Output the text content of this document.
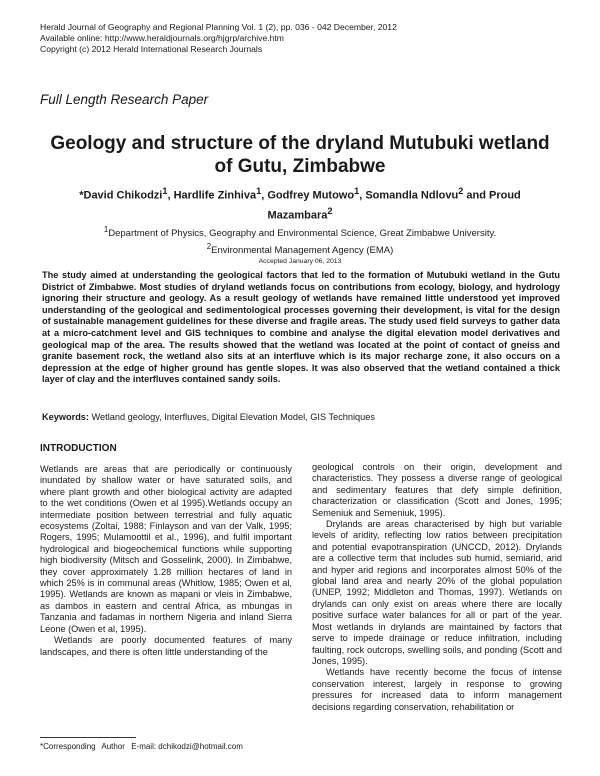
Herald Journal of Geography and Regional Planning Vol. 1 (2), pp. 036 - 042 December, 2012
Available online: http://www.heraldjournals.org/hjgrp/archive.htm
Copyright (c) 2012 Herald International Research Journals
Full Length Research Paper
Geology and structure of the dryland Mutubuki wetland
of Gutu, Zimbabwe
*David Chikodzi$^1$, Hardlife Zinhiva$^1$, Godfrey Mutowo$^1$, Somandla Ndlovu$^2$ and Proud
Mazambara$^2$
$^1$Department of Physics, Geography and Environmental Science, Great Zimbabwe University.
$^2$Environmental Management Agency (EMA)
Accepted January 06, 2013
The study aimed at understanding the geological factors that led to the formation of Mutubuki wetland in the Gutu District of Zimbabwe. Most studies of dryland wetlands focus on contributions from ecology, biology, and hydrology ignoring their structure and geology. As a result geology of wetlands have remained little understood yet improved understanding of the geological and sedimentological processes governing their development, is vital for the design of sustainable management guidelines for these diverse and fragile areas. The study used field surveys to gather data at a micro-catchment level and GIS techniques to combine and analyse the digital elevation model derivatives and geological map of the area. The results showed that the wetland was located at the point of contact of gneiss and granite basement rock, the wetland also sits at an interfluve which is its major recharge zone, it also occurs on a depression at the edge of higher ground has gentle slopes. It was also observed that the wetland contained a thick layer of clay and the interfluves contained sandy soils.
Keywords: Wetland geology, Interfluves, Digital Elevation Model, GIS Techniques
INTRODUCTION

Wetlands are areas that are periodically or continuously inundated by shallow water or have saturated soils, and where plant growth and other biological activity are adapted to the wet conditions (Owen et al 1995).Wetlands occupy an intermediate position between terrestrial and fully aquatic ecosystems (Zoltai, 1988; Finlayson and van der Valk, 1995; Rogers, 1995; Mulamoottil et al., 1996), and fulfil important hydrological and biogeochemical functions while supporting high biodiversity (Mitsch and Gosselink, 2000). In Zimbabwe, they cover approximately 1.28 million hectares of land in which 25% is in communal areas (Whitlow, 1985; Owen et al, 1995). Wetlands are known as mapani or vleis in Zimbabwe, as dambos in eastern and central Africa, as mbungas in Tanzania and fadamas in northern Nigeria and inland Sierra Leone (Owen et al, 1995).

Wetlands are poorly documented features of many landscapes, and there is often little understanding of the

geological controls on their origin, development and characteristics. They possess a diverse range of geological and sedimentary features that defy simple definition, characterization or classification (Scott and Jones, 1995; Semeniuk and Semeniuk, 1995).

Drylands are areas characterised by high but variable levels of aridity, reflecting low ratios between precipitation and potential evapotranspiration (UNCCD, 2012). Drylands are a collective term that includes sub humid, semiarid, arid and hyper arid regions and incorporates almost 50% of the global land area and nearly 20% of the global population (UNEP, 1992; Middleton and Thomas, 1997). Wetlands on drylands can only exist on areas where there are locally positive surface water balances for all or part of the year. Most wetlands in drylands are maintained by factors that serve to impede drainage or reduce infiltration, including faulting, rock outcrops, swelling soils, and ponding (Scott and Jones, 1995).

Wetlands have recently become the focus of intense conservation interest, largely in response to growing pressures for increased data to inform management decisions regarding conservation, rehabilitation or

*Corresponding Author E-mail: dchikodzi@hotmail.com
